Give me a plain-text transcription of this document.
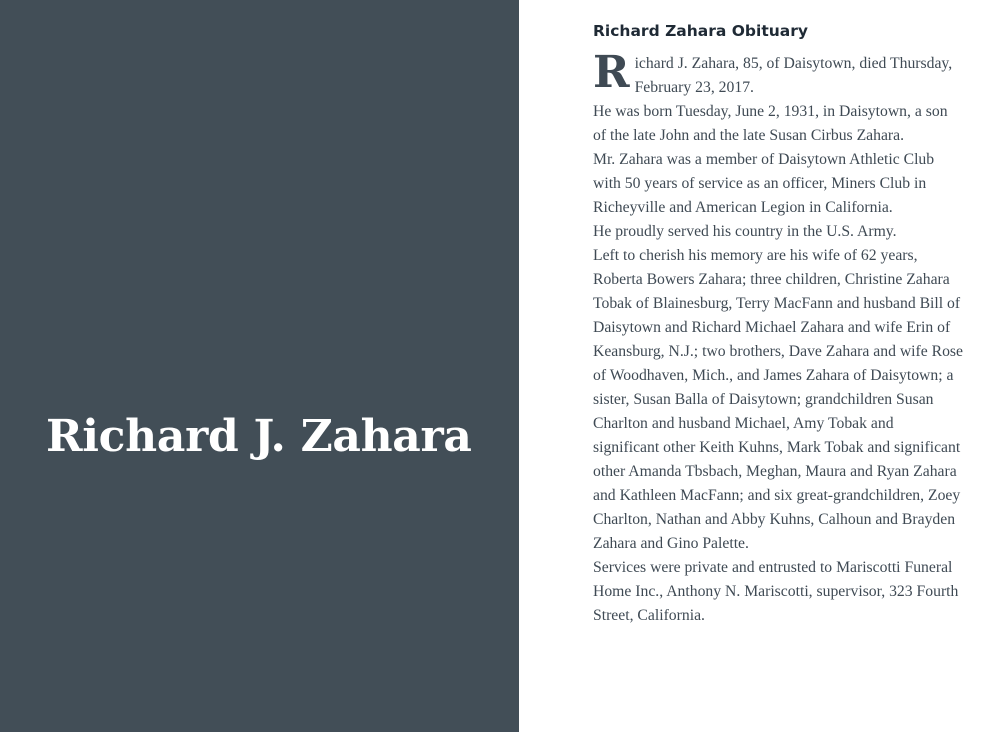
Richard J. Zahara
Richard Zahara Obituary

Richard J. Zahara, 85, of Daisytown, died Thursday, February 23, 2017.

He was born Tuesday, June 2, 1931, in Daisytown, a son of the late John and the late Susan Cirbus Zahara.

Mr. Zahara was a member of Daisytown Athletic Club with 50 years of service as an officer, Miners Club in Richeyville and American Legion in California.

He proudly served his country in the U.S. Army.

Left to cherish his memory are his wife of 62 years, Roberta Bowers Zahara; three children, Christine Zahara Tobak of Blainesburg, Terry MacFann and husband Bill of Daisytown and Richard Michael Zahara and wife Erin of Keansburg, N.J.; two brothers, Dave Zahara and wife Rose of Woodhaven, Mich., and James Zahara of Daisytown; a sister, Susan Balla of Daisytown; grandchildren Susan Charlton and husband Michael, Amy Tobak and significant other Keith Kuhns, Mark Tobak and significant other Amanda Tbsbach, Meghan, Maura and Ryan Zahara and Kathleen MacFann; and six great-grandchildren, Zoey Charlton, Nathan and Abby Kuhns, Calhoun and Brayden Zahara and Gino Palette.

Services were private and entrusted to Mariscotti Funeral Home Inc., Anthony N. Mariscotti, supervisor, 323 Fourth Street, California.
